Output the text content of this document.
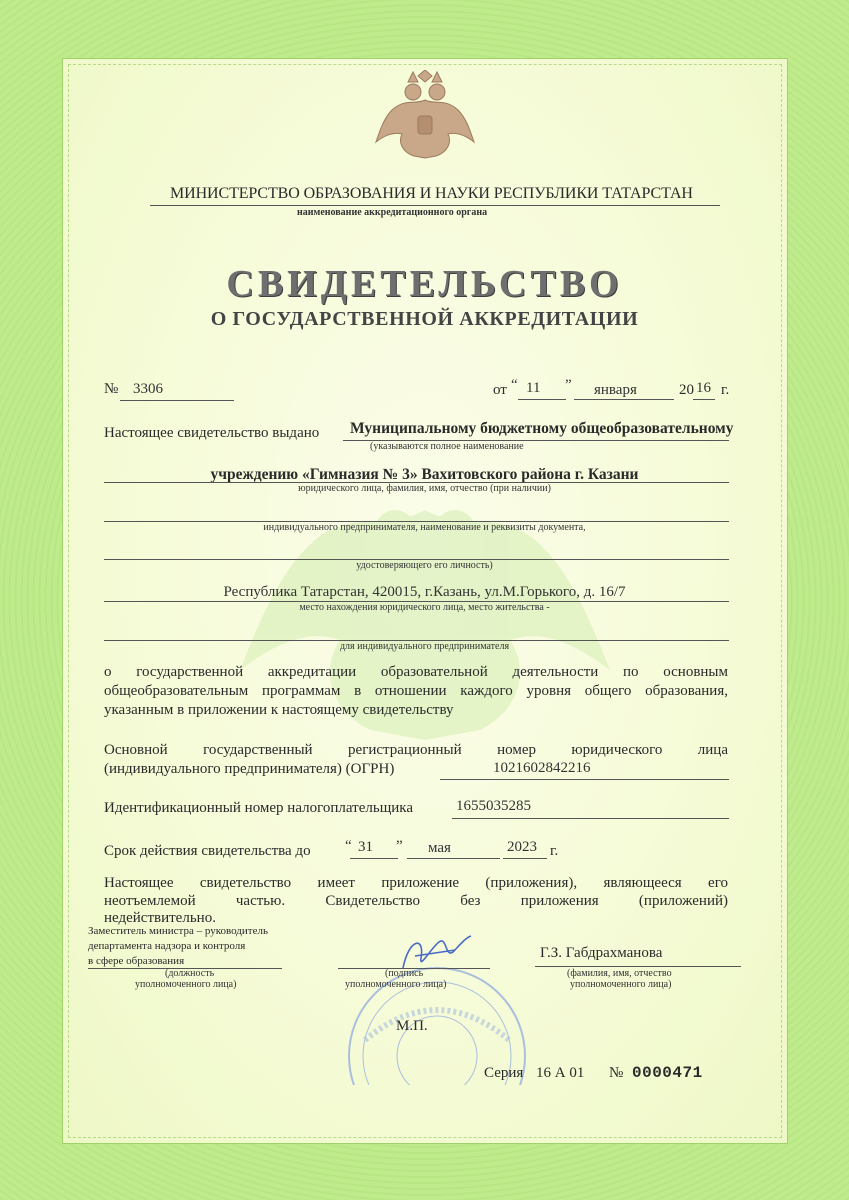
МИНИСТЕРСТВО ОБРАЗОВАНИЯ И НАУКИ РЕСПУБЛИКИ ТАТАРСТАН
наименование аккредитационного органа
СВИДЕТЕЛЬСТВО
О ГОСУДАРСТВЕННОЙ АККРЕДИТАЦИИ
№ 3306	от “ 11 ” января	20 16 г.
Настоящее свидетельство выдано Муниципальному бюджетному общеобразовательному
(указываются полное наименование
учреждению «Гимназия № 3» Вахитовского района г. Казани
юридического лица, фамилия, имя, отчество (при наличии)
индивидуального предпринимателя, наименование и реквизиты документа,
удостоверяющего его личность)
Республика Татарстан, 420015, г.Казань, ул.М.Горького, д. 16/7
место нахождения юридического лица, место жительства -
для индивидуального предпринимателя
о государственной аккредитации образовательной деятельности по основным
общеобразовательным программам в отношении каждого уровня общего образования,
указанным в приложении к настоящему свидетельству
Основной государственный регистрационный номер юридического лица
(индивидуального предпринимателя) (ОГРН)	1021602842216
Идентификационный номер налогоплательщика	1655035285
Срок действия свидетельства до “ 31 ” мая	2023 г.
Настоящее свидетельство имеет приложение (приложения), являющееся его
неотъемлемой частью. Свидетельство без приложения (приложений)
недействительно.
Заместитель министра – руководитель
департамента надзора и контроля
в сфере образования
(должность
уполномоченного лица)
(подпись
уполномоченного лица)
Г.З. Габдрахманова
(фамилия, имя, отчество
уполномоченного лица)
М.П.
Серия 16 А 01 № 0000471
